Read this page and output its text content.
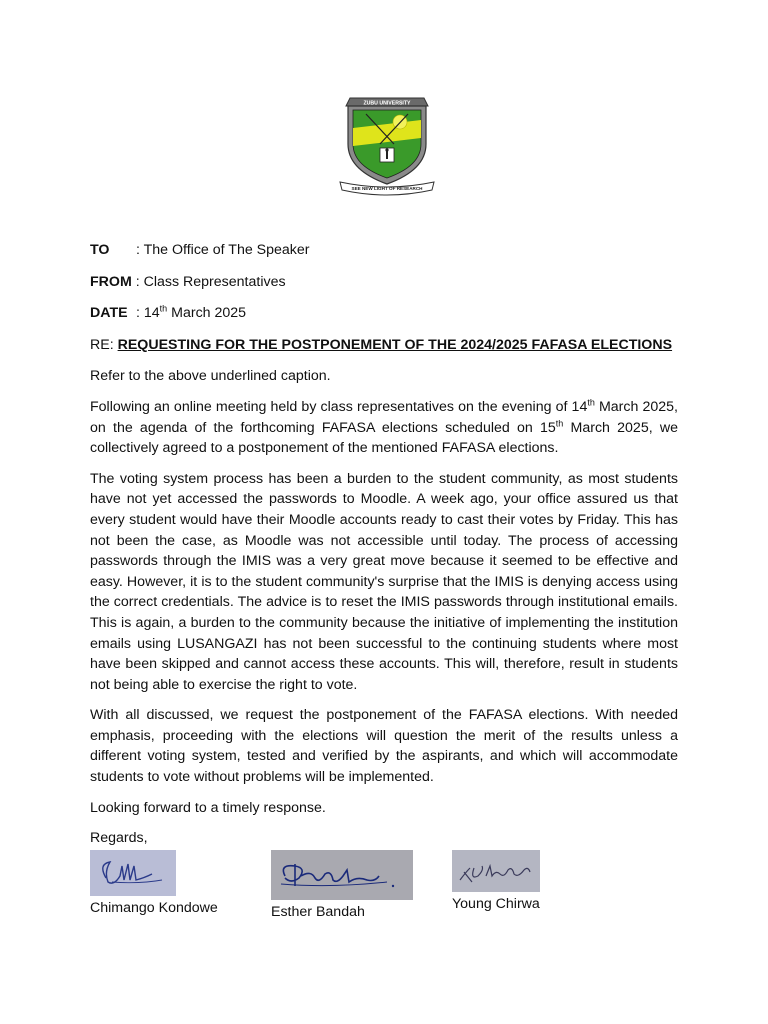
ZUBU UNIVERSITY
SEE NEW LIGHT OF RESEARCH
TO : The Office of The Speaker
FROM : Class Representatives
DATE : 14th March 2025
RE: REQUESTING FOR THE POSTPONEMENT OF THE 2024/2025 FAFASA ELECTIONS

Refer to the above underlined caption.

Following an online meeting held by class representatives on the evening of 14th March 2025, on the agenda of the forthcoming FAFASA elections scheduled on 15th March 2025, we collectively agreed to a postponement of the mentioned FAFASA elections.

The voting system process has been a burden to the student community, as most students have not yet accessed the passwords to Moodle. A week ago, your office assured us that every student would have their Moodle accounts ready to cast their votes by Friday. This has not been the case, as Moodle was not accessible until today. The process of accessing passwords through the IMIS was a very great move because it seemed to be effective and easy. However, it is to the student community's surprise that the IMIS is denying access using the correct credentials. The advice is to reset the IMIS passwords through institutional emails. This is again, a burden to the community because the initiative of implementing the institution emails using LUSANGAZI has not been successful to the continuing students where most have been skipped and cannot access these accounts. This will, therefore, result in students not being able to exercise the right to vote.

With all discussed, we request the postponement of the FAFASA elections. With needed emphasis, proceeding with the elections will question the merit of the results unless a different voting system, tested and verified by the aspirants, and which will accommodate students to vote without problems will be implemented.

Looking forward to a timely response.

Regards,

Chimango Kondowe	Esther Bandah	Young Chirwa
